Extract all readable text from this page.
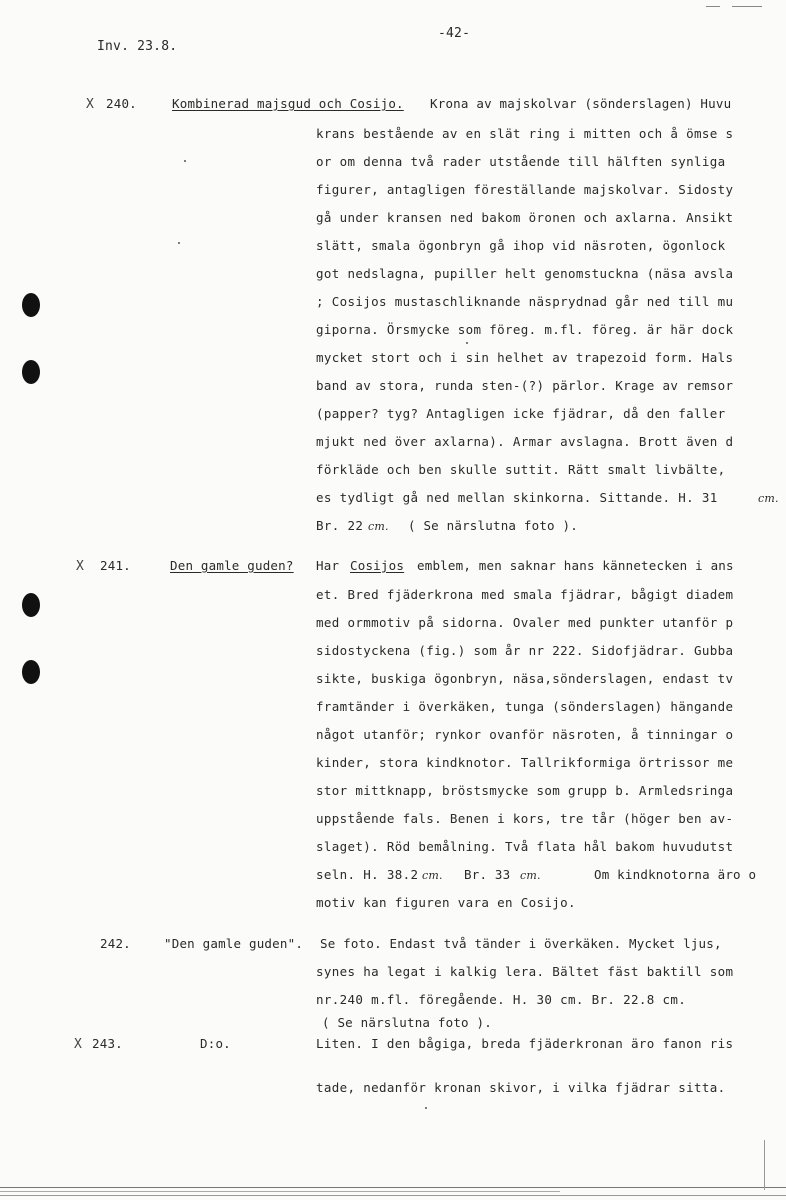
Inv. 23.8.
-42-
X 240.	Kombinerad majsgud och Cosijo. Krona av majskolvar (sönderslagen) Huvu
krans bestående av en slät ring i mitten och å ömse s
or om denna två rader utstående till hälften synliga
figurer, antagligen föreställande majskolvar. Sidosty
gå under kransen ned bakom öronen och axlarna. Ansikt
slätt, smala ögonbryn gå ihop vid näsroten, ögonlock
got nedslagna, pupiller helt genomstuckna (näsa avsla
; Cosijos mustaschliknande näsprydnad går ned till mu
giporna. Örsmycke som föreg. m.fl. föreg. är här dock
mycket stort och i sin helhet av trapezoid form. Hals
band av stora, runda sten-(?) pärlor. Krage av remsor
(papper? tyg? Antagligen icke fjädrar, då den faller
mjukt ned över axlarna). Armar avslagna. Brott även d
förkläde och ben skulle suttit. Rätt smalt livbälte,
es tydligt gå ned mellan skinkorna. Sittande. H. 31	cm.
Br. 22 cm. ( Se närslutna foto ).
X 241.	Den gamle guden? Har Cosijos emblem, men saknar hans kännetecken i ans
et. Bred fjäderkrona med smala fjädrar, bågigt diadem
med ormmotiv på sidorna. Ovaler med punkter utanför p
sidostyckena (fig.) som år nr 222. Sidofjädrar. Gubba
sikte, buskiga ögonbryn, näsa,sönderslagen, endast tv
framtänder i överkäken, tunga (sönderslagen) hängande
något utanför; rynkor ovanför näsroten, å tinningar o
kinder, stora kindknotor. Tallrikformiga örtrissor me
stor mittknapp, bröstsmycke som grupp b. Armledsringa
uppstående fals. Benen i kors, tre tår (höger ben av-
slaget). Röd bemålning. Två flata hål bakom huvudutst
seln. H. 38.2 cm. Br. 33 cm.	Om kindknotorna äro o
motiv kan figuren vara en Cosijo.
242.	"Den gamle guden". Se foto. Endast två tänder i överkäken. Mycket ljus,
synes ha legat i kalkig lera. Bältet fäst baktill som
nr.240 m.fl. föregående. H. 30 cm. Br. 22.8 cm.
( Se närslutna foto ).
X 243.	D:o.	Liten. I den bågiga, breda fjäderkronan äro fanon ris
tade, nedanför kronan skivor, i vilka fjädrar sitta.
